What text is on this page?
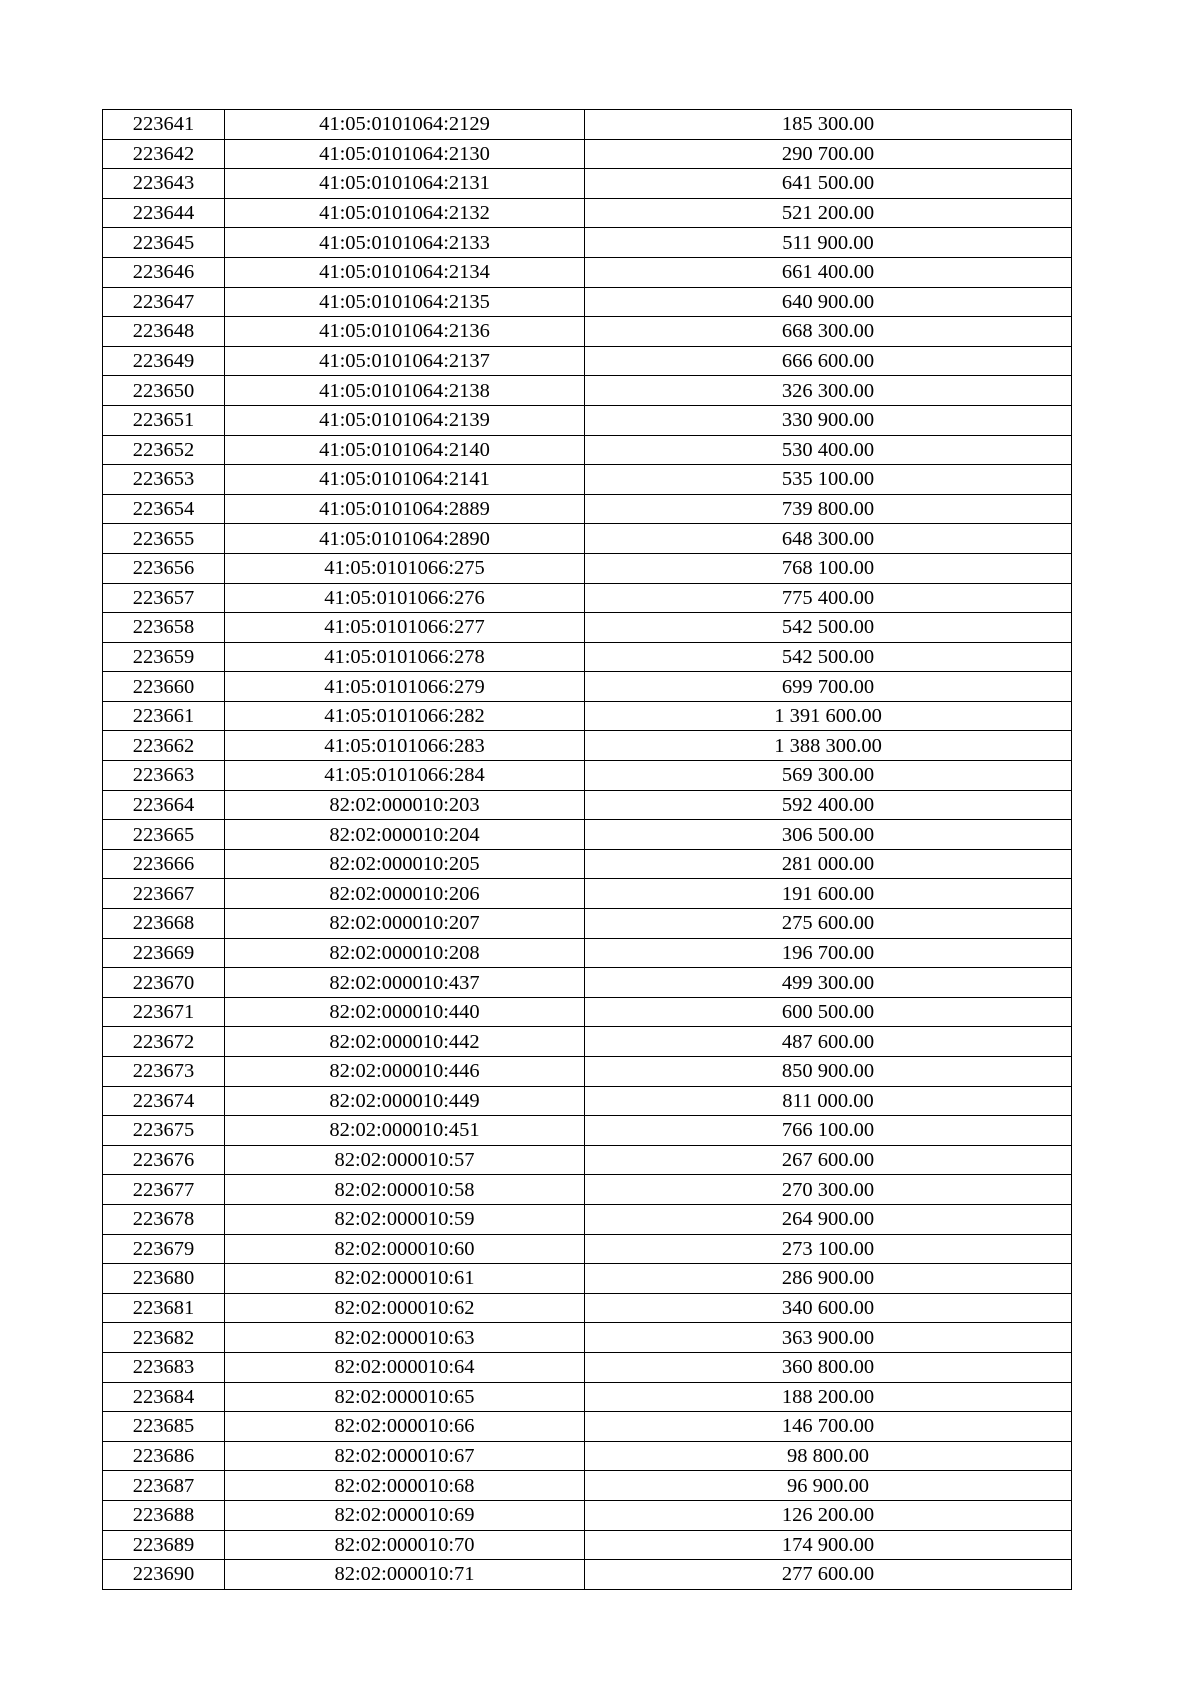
223641	41:05:0101064:2129	185 300.00
223642	41:05:0101064:2130	290 700.00
223643	41:05:0101064:2131	641 500.00
223644	41:05:0101064:2132	521 200.00
223645	41:05:0101064:2133	511 900.00
223646	41:05:0101064:2134	661 400.00
223647	41:05:0101064:2135	640 900.00
223648	41:05:0101064:2136	668 300.00
223649	41:05:0101064:2137	666 600.00
223650	41:05:0101064:2138	326 300.00
223651	41:05:0101064:2139	330 900.00
223652	41:05:0101064:2140	530 400.00
223653	41:05:0101064:2141	535 100.00
223654	41:05:0101064:2889	739 800.00
223655	41:05:0101064:2890	648 300.00
223656	41:05:0101066:275	768 100.00
223657	41:05:0101066:276	775 400.00
223658	41:05:0101066:277	542 500.00
223659	41:05:0101066:278	542 500.00
223660	41:05:0101066:279	699 700.00
223661	41:05:0101066:282	1 391 600.00
223662	41:05:0101066:283	1 388 300.00
223663	41:05:0101066:284	569 300.00
223664	82:02:000010:203	592 400.00
223665	82:02:000010:204	306 500.00
223666	82:02:000010:205	281 000.00
223667	82:02:000010:206	191 600.00
223668	82:02:000010:207	275 600.00
223669	82:02:000010:208	196 700.00
223670	82:02:000010:437	499 300.00
223671	82:02:000010:440	600 500.00
223672	82:02:000010:442	487 600.00
223673	82:02:000010:446	850 900.00
223674	82:02:000010:449	811 000.00
223675	82:02:000010:451	766 100.00
223676	82:02:000010:57	267 600.00
223677	82:02:000010:58	270 300.00
223678	82:02:000010:59	264 900.00
223679	82:02:000010:60	273 100.00
223680	82:02:000010:61	286 900.00
223681	82:02:000010:62	340 600.00
223682	82:02:000010:63	363 900.00
223683	82:02:000010:64	360 800.00
223684	82:02:000010:65	188 200.00
223685	82:02:000010:66	146 700.00
223686	82:02:000010:67	98 800.00
223687	82:02:000010:68	96 900.00
223688	82:02:000010:69	126 200.00
223689	82:02:000010:70	174 900.00
223690	82:02:000010:71	277 600.00
